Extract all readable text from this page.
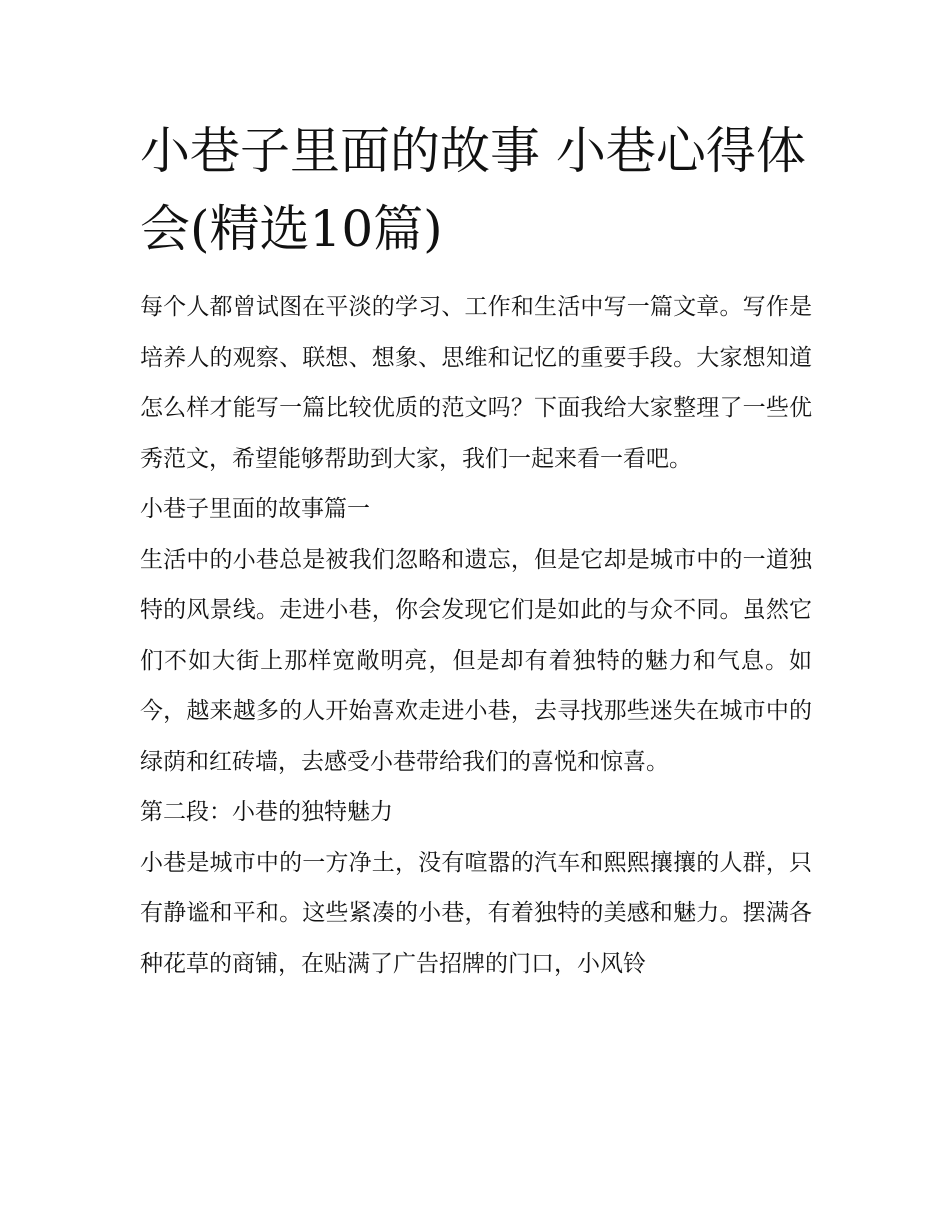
小巷子里面的故事 小巷心得体会(精选10篇)

每个人都曾试图在平淡的学习、工作和生活中写一篇文章。写作是培养人的观察、联想、想象、思维和记忆的重要手段。大家想知道怎么样才能写一篇比较优质的范文吗？下面我给大家整理了一些优秀范文，希望能够帮助到大家，我们一起来看一看吧。

小巷子里面的故事篇一

生活中的小巷总是被我们忽略和遗忘，但是它却是城市中的一道独特的风景线。走进小巷，你会发现它们是如此的与众不同。虽然它们不如大街上那样宽敞明亮，但是却有着独特的魅力和气息。如今，越来越多的人开始喜欢走进小巷，去寻找那些迷失在城市中的绿荫和红砖墙，去感受小巷带给我们的喜悦和惊喜。

第二段：小巷的独特魅力

小巷是城市中的一方净土，没有喧嚣的汽车和熙熙攘攘的人群，只有静谧和平和。这些紧凑的小巷，有着独特的美感和魅力。摆满各种花草的商铺，在贴满了广告招牌的门口，小风铃
